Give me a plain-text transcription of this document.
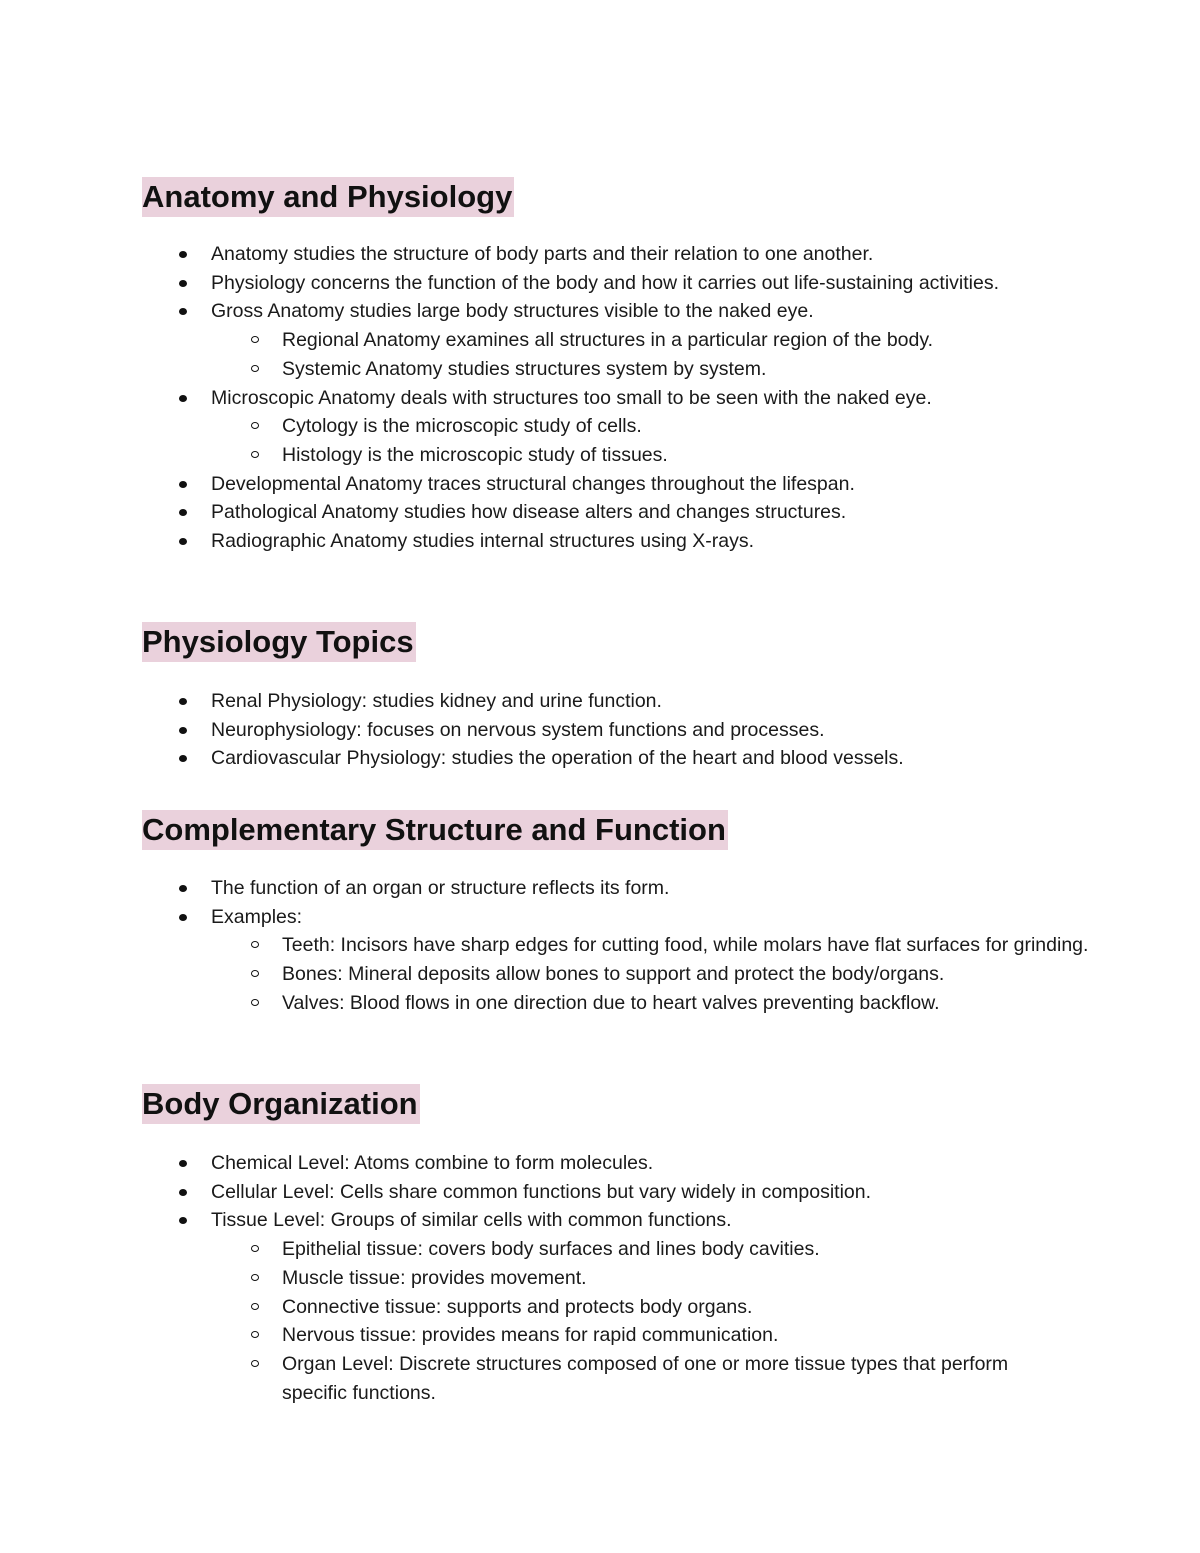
Anatomy and Physiology
Anatomy studies the structure of body parts and their relation to one another.
Physiology concerns the function of the body and how it carries out life-sustaining activities.
Gross Anatomy studies large body structures visible to the naked eye.
Regional Anatomy examines all structures in a particular region of the body.
Systemic Anatomy studies structures system by system.
Microscopic Anatomy deals with structures too small to be seen with the naked eye.
Cytology is the microscopic study of cells.
Histology is the microscopic study of tissues.
Developmental Anatomy traces structural changes throughout the lifespan.
Pathological Anatomy studies how disease alters and changes structures.
Radiographic Anatomy studies internal structures using X-rays.
Physiology Topics
Renal Physiology: studies kidney and urine function.
Neurophysiology: focuses on nervous system functions and processes.
Cardiovascular Physiology: studies the operation of the heart and blood vessels.
Complementary Structure and Function
The function of an organ or structure reflects its form.
Examples:
Teeth: Incisors have sharp edges for cutting food, while molars have flat surfaces for grinding.
Bones: Mineral deposits allow bones to support and protect the body/organs.
Valves: Blood flows in one direction due to heart valves preventing backflow.
Body Organization
Chemical Level: Atoms combine to form molecules.
Cellular Level: Cells share common functions but vary widely in composition.
Tissue Level: Groups of similar cells with common functions.
Epithelial tissue: covers body surfaces and lines body cavities.
Muscle tissue: provides movement.
Connective tissue: supports and protects body organs.
Nervous tissue: provides means for rapid communication.
Organ Level: Discrete structures composed of one or more tissue types that perform specific functions.
